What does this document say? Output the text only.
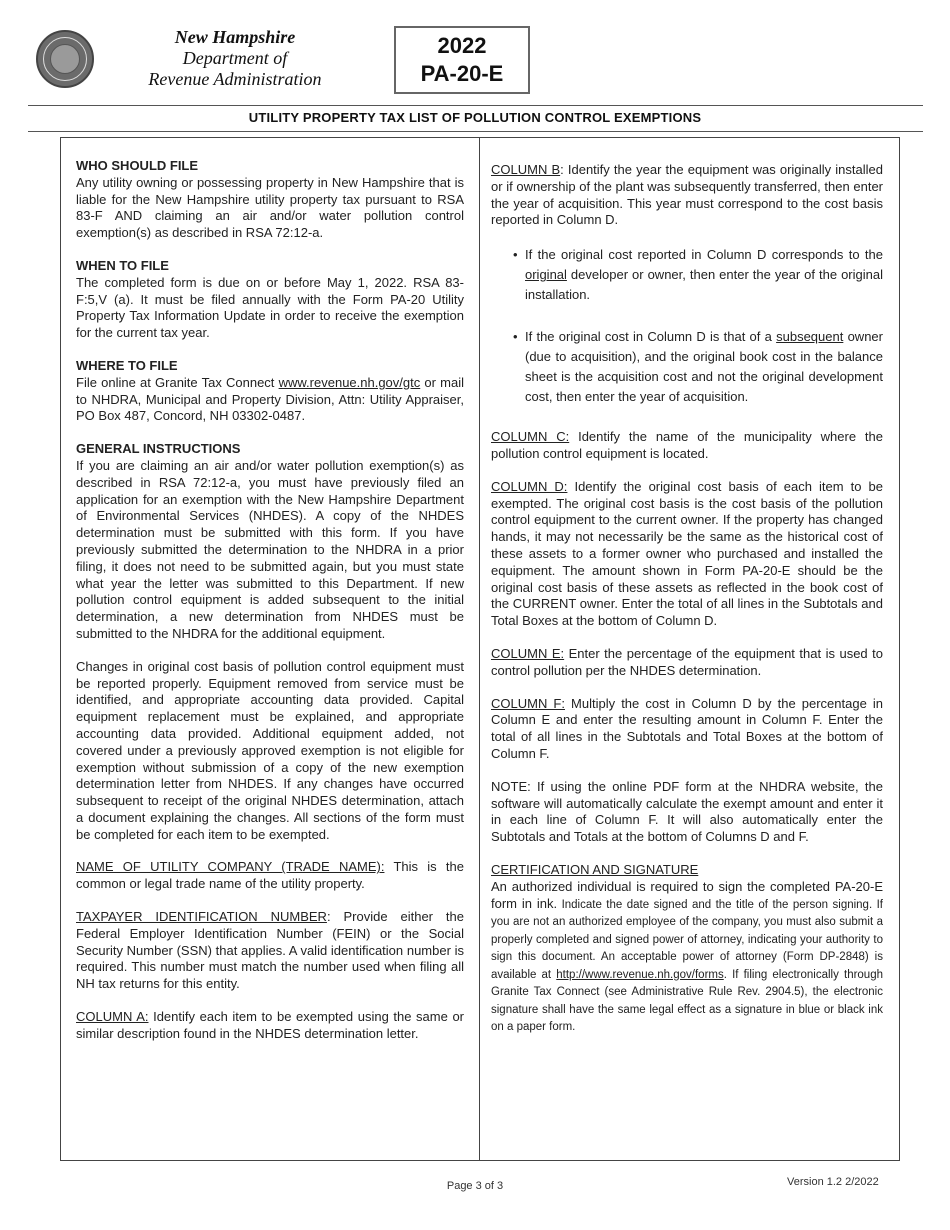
New Hampshire
Department of
Revenue Administration
2022
PA-20-E
UTILITY PROPERTY TAX LIST OF POLLUTION CONTROL EXEMPTIONS
WHO SHOULD FILE

Any utility owning or possessing property in New Hampshire that is liable for the New Hampshire utility property tax pursuant to RSA 83-F AND claiming an air and/or water pollution control exemption(s) as described in RSA 72:12-a.

WHEN TO FILE

The completed form is due on or before May 1, 2022. RSA 83-F:5,V (a). It must be filed annually with the Form PA-20 Utility Property Tax Information Update in order to receive the exemption for the current tax year.

WHERE TO FILE

File online at Granite Tax Connect www.revenue.nh.gov/gtc or mail to NHDRA, Municipal and Property Division, Attn: Utility Appraiser, PO Box 487, Concord, NH 03302-0487.

GENERAL INSTRUCTIONS

If you are claiming an air and/or water pollution exemption(s) as described in RSA 72:12-a, you must have previously filed an application for an exemption with the New Hampshire Department of Environmental Services (NHDES). A copy of the NHDES determination must be submitted with this form. If you have previously submitted the determination to the NHDRA in a prior filing, it does not need to be submitted again, but you must state what year the letter was submitted to this Department. If new pollution control equipment is added subsequent to the initial determination, a new determination from NHDES must be submitted to the NHDRA for the additional equipment.

Changes in original cost basis of pollution control equipment must be reported properly. Equipment removed from service must be identified, and appropriate accounting data provided. Capital equipment replacement must be explained, and appropriate accounting data provided. Additional equipment added, not covered under a previously approved exemption is not eligible for exemption without submission of a copy of the new exemption determination letter from NHDES. If any changes have occurred subsequent to receipt of the original NHDES determination, attach a document explaining the changes. All sections of the form must be completed for each item to be exempted.

NAME OF UTILITY COMPANY (TRADE NAME): This is the common or legal trade name of the utility property.

TAXPAYER IDENTIFICATION NUMBER: Provide either the Federal Employer Identification Number (FEIN) or the Social Security Number (SSN) that applies. A valid identification number is required. This number must match the number used when filing all NH tax returns for this entity.

COLUMN A: Identify each item to be exempted using the same or similar description found in the NHDES determination letter.

COLUMN B: Identify the year the equipment was originally installed or if ownership of the plant was subsequently transferred, then enter the year of acquisition. This year must correspond to the cost basis reported in Column D.

• If the original cost reported in Column D corresponds to the original developer or owner, then enter the year of the original installation.
• If the original cost in Column D is that of a subsequent owner (due to acquisition), and the original book cost in the balance sheet is the acquisition cost and not the original development cost, then enter the year of acquisition.

COLUMN C: Identify the name of the municipality where the pollution control equipment is located.

COLUMN D: Identify the original cost basis of each item to be exempted. The original cost basis is the cost basis of the pollution control equipment to the current owner. If the property has changed hands, it may not necessarily be the same as the historical cost of these assets to a former owner who purchased and installed the equipment. The amount shown in Form PA-20-E should be the original cost basis of these assets as reflected in the book cost of the CURRENT owner. Enter the total of all lines in the Subtotals and Total Boxes at the bottom of Column D.

COLUMN E: Enter the percentage of the equipment that is used to control pollution per the NHDES determination.

COLUMN F: Multiply the cost in Column D by the percentage in Column E and enter the resulting amount in Column F. Enter the total of all lines in the Subtotals and Total Boxes at the bottom of Column F.

NOTE: If using the online PDF form at the NHDRA website, the software will automatically calculate the exempt amount and enter it in each line of Column F. It will also automatically enter the Subtotals and Totals at the bottom of Columns D and F.

CERTIFICATION AND SIGNATURE
An authorized individual is required to sign the completed PA-20-E form in ink. Indicate the date signed and the title of the person signing. If you are not an authorized employee of the company, you must also submit a properly completed and signed power of attorney, indicating your authority to sign this document. An acceptable power of attorney (Form DP-2848) is available at http://www.revenue.nh.gov/forms. If filing electronically through Granite Tax Connect (see Administrative Rule Rev. 2904.5), the electronic signature shall have the same legal effect as a signature in blue or black ink on a paper form.
Page 3 of 3	Version 1.2 2/2022
